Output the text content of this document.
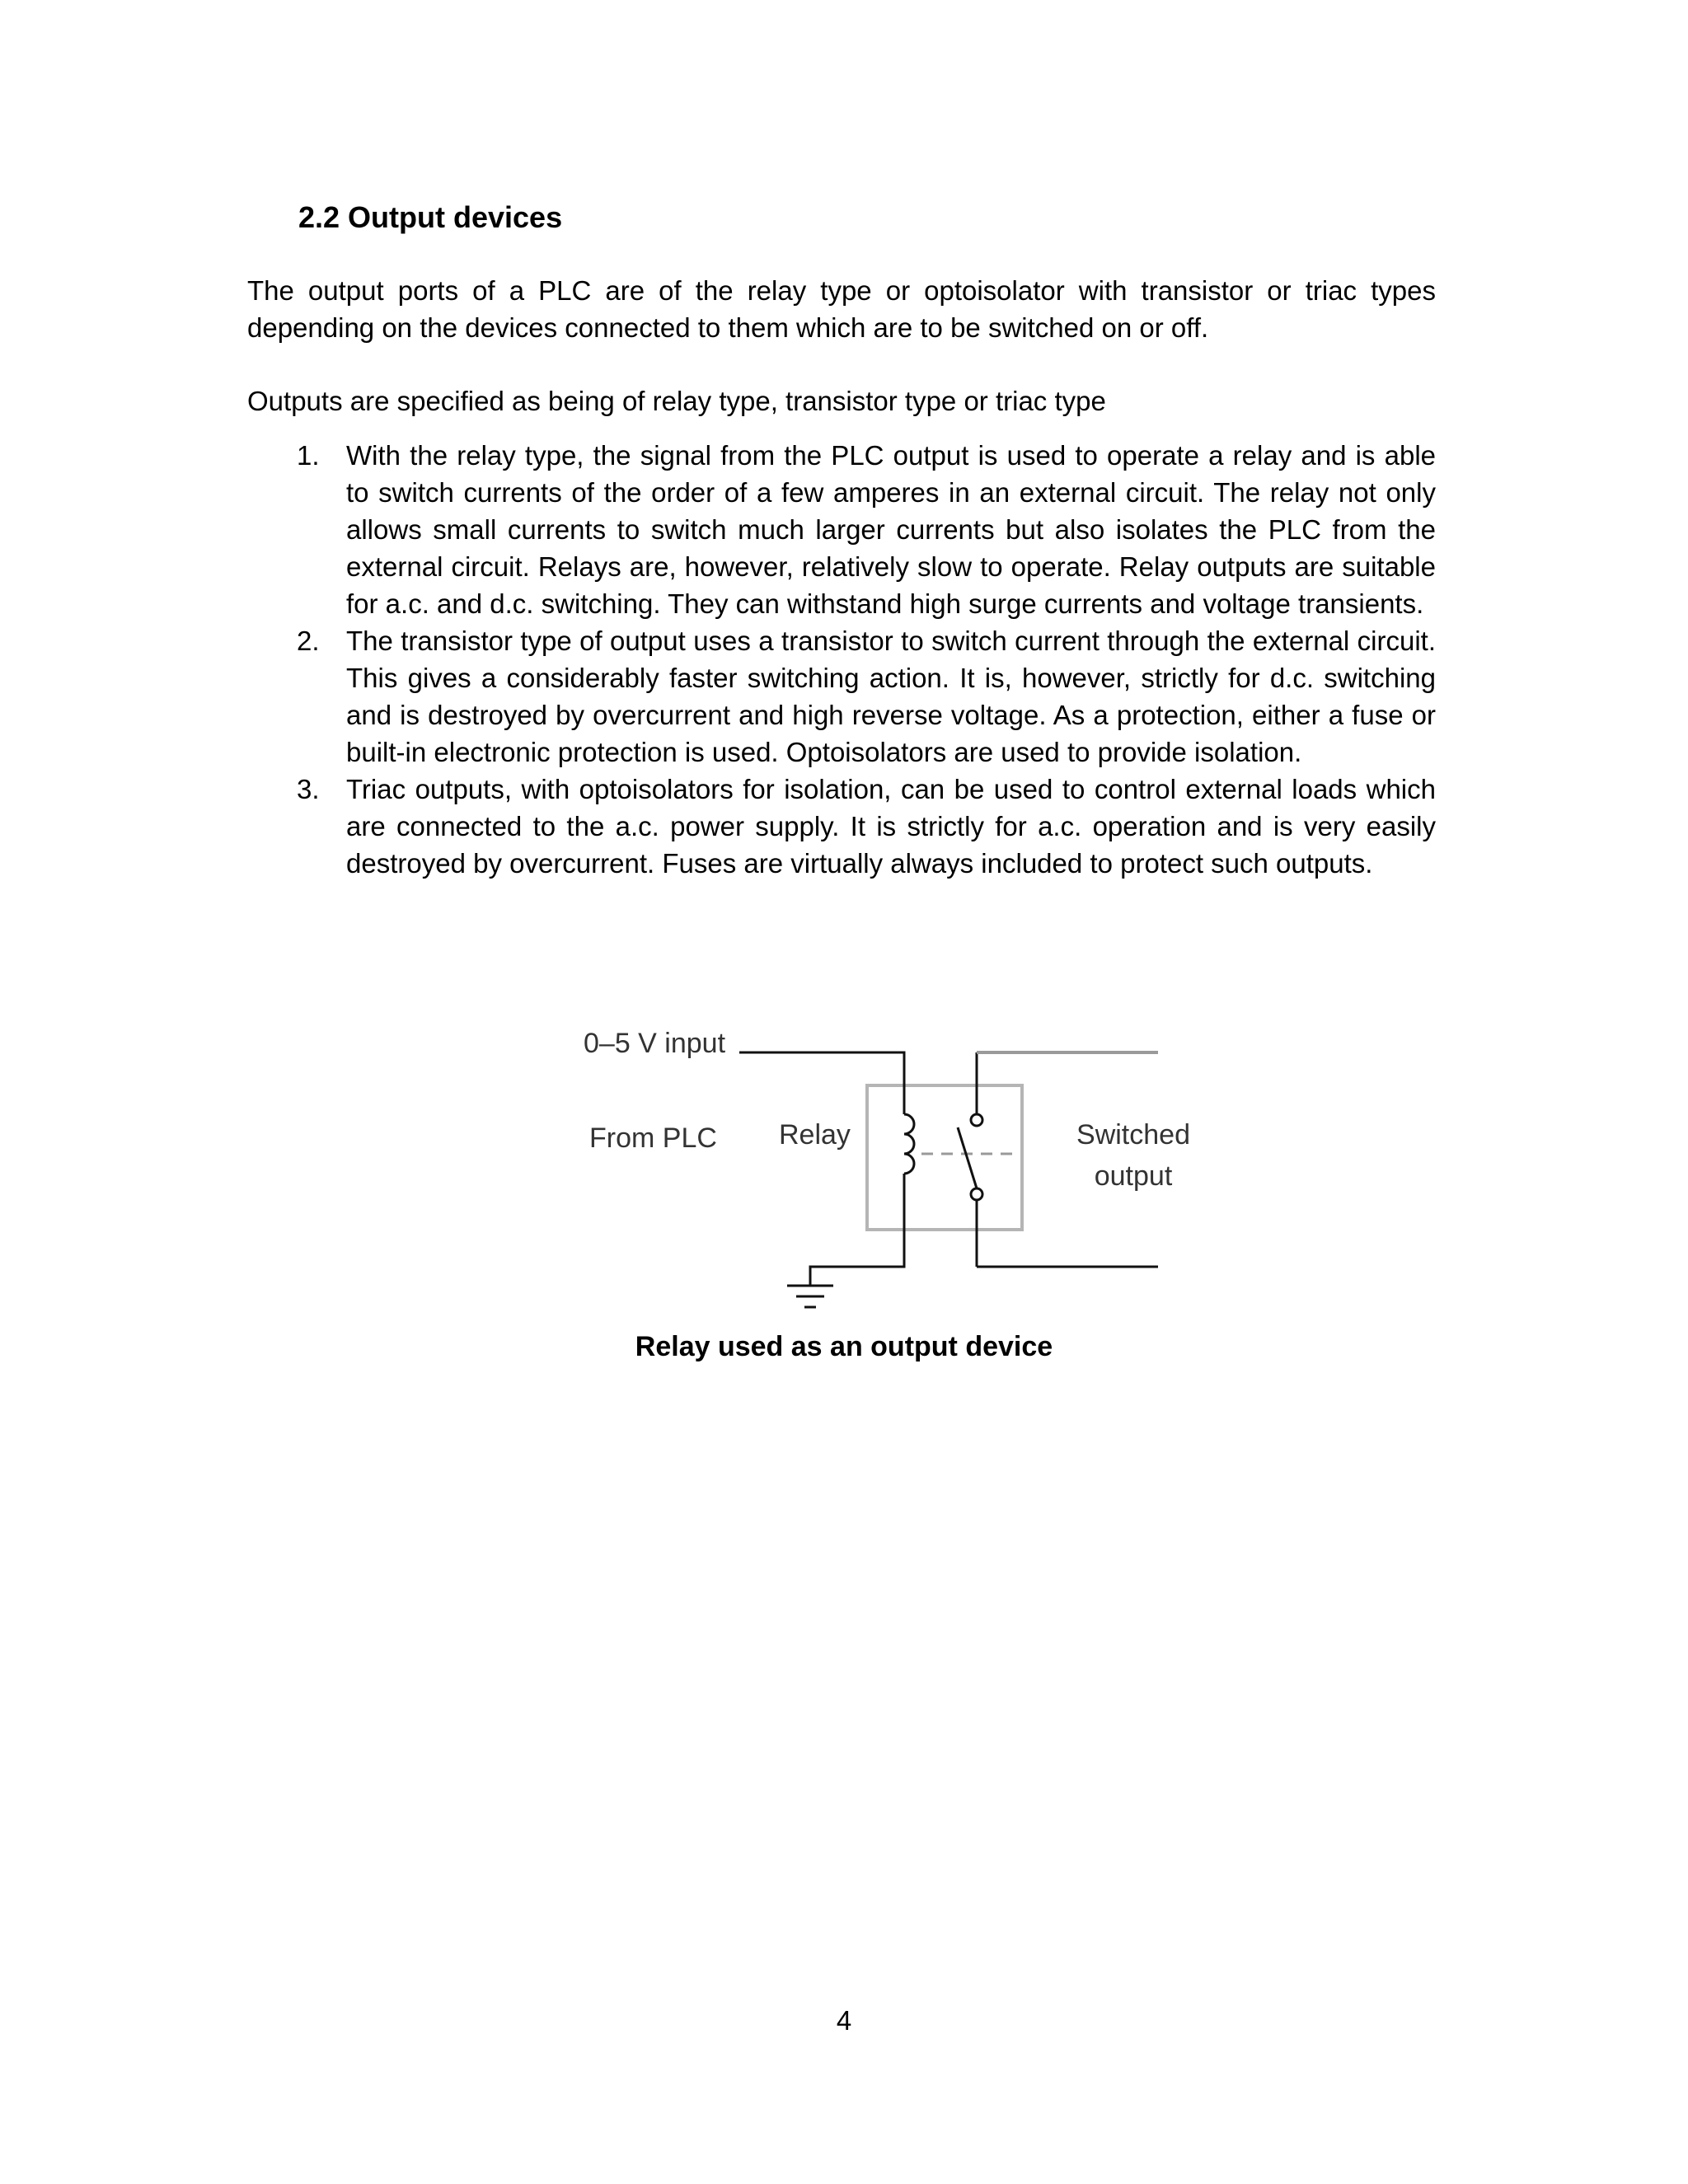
2.2 Output devices

The output ports of a PLC are of the relay type or optoisolator with transistor or triac types depending on the devices connected to them which are to be switched on or off.

Outputs are specified as being of relay type, transistor type or triac type

1. With the relay type, the signal from the PLC output is used to operate a relay and is able to switch currents of the order of a few amperes in an external circuit. The relay not only allows small currents to switch much larger currents but also isolates the PLC from the external circuit. Relays are, however, relatively slow to operate. Relay outputs are suitable for a.c. and d.c. switching. They can withstand high surge currents and voltage transients.
2. The transistor type of output uses a transistor to switch current through the external circuit. This gives a considerably faster switching action. It is, however, strictly for d.c. switching and is destroyed by overcurrent and high reverse voltage. As a protection, either a fuse or built-in electronic protection is used. Optoisolators are used to provide isolation.
3. Triac outputs, with optoisolators for isolation, can be used to control external loads which are connected to the a.c. power supply. It is strictly for a.c. operation and is very easily destroyed by overcurrent. Fuses are virtually always included to protect such outputs.
0–5 V input
From PLC Relay	Switched
output

Relay used as an output device

4
